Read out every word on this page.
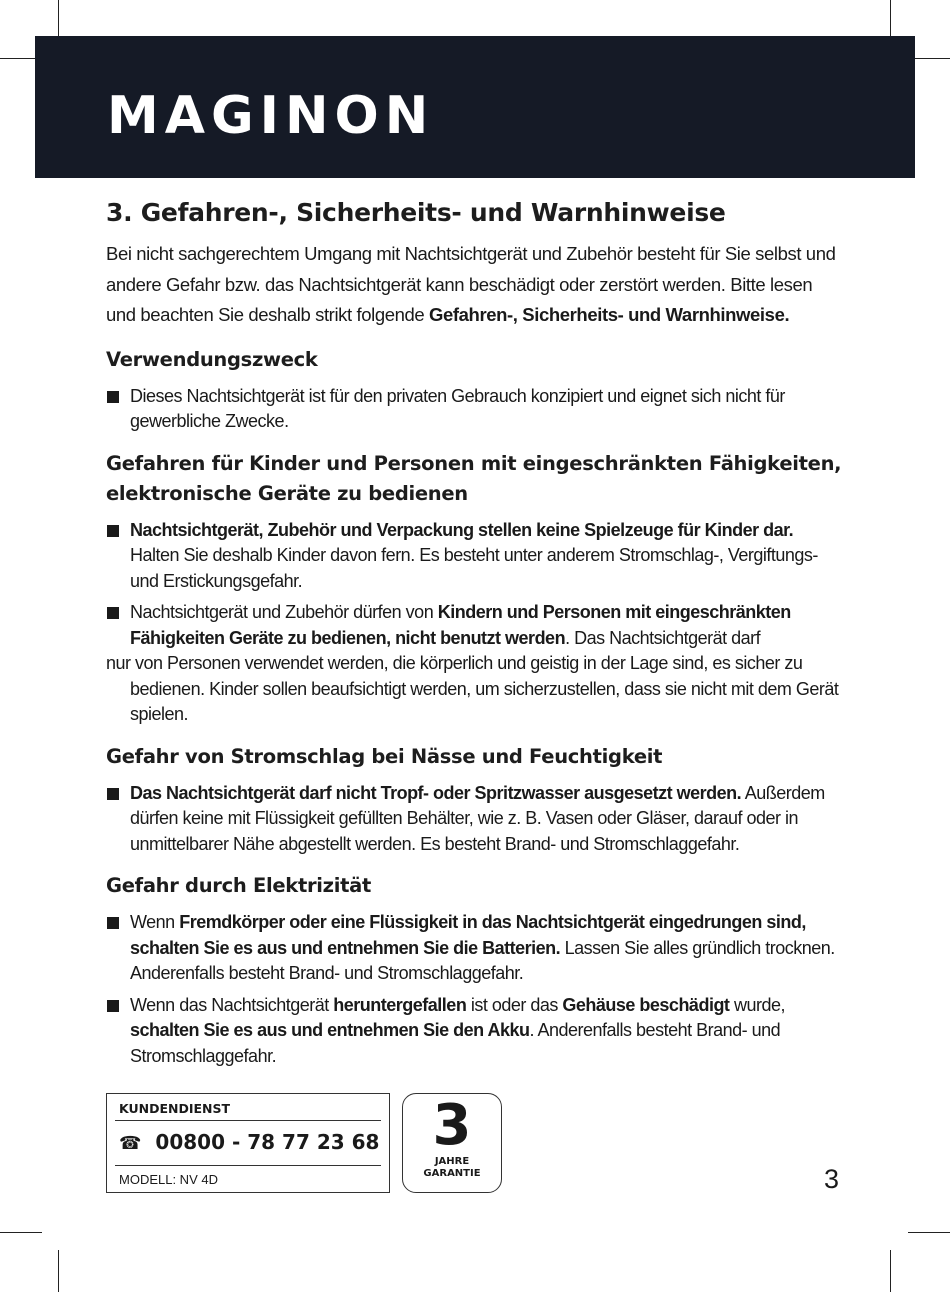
MAGINON
3. Gefahren-, Sicherheits- und Warnhinweise

Bei nicht sachgerechtem Umgang mit Nachtsichtgerät und Zubehör besteht für Sie selbst und andere Gefahr bzw. das Nachtsichtgerät kann beschädigt oder zerstört werden. Bitte lesen und beachten Sie deshalb strikt folgende Gefahren-, Sicherheits- und Warnhinweise.

Verwendungszweck
Dieses Nachtsichtgerät ist für den privaten Gebrauch konzipiert und eignet sich nicht für gewerbliche Zwecke.
Gefahren für Kinder und Personen mit eingeschränkten Fähigkeiten, elektronische Geräte zu bedienen
Nachtsichtgerät, Zubehör und Verpackung stellen keine Spielzeuge für Kinder dar. Halten Sie deshalb Kinder davon fern. Es besteht unter anderem Stromschlag-, Vergiftungs- und Erstickungsgefahr.
Nachtsichtgerät und Zubehör dürfen von Kindern und Personen mit eingeschränkten Fähigkeiten Geräte zu bedienen, nicht benutzt werden. Das Nachtsichtgerät darf
nur von Personen verwendet werden, die körperlich und geistig in der Lage sind, es sicher zu
bedienen. Kinder sollen beaufsichtigt werden, um sicherzustellen, dass sie nicht mit dem Gerät spielen.
Gefahr von Stromschlag bei Nässe und Feuchtigkeit
Das Nachtsichtgerät darf nicht Tropf- oder Spritzwasser ausgesetzt werden. Außerdem dürfen keine mit Flüssigkeit gefüllten Behälter, wie z. B. Vasen oder Gläser, darauf oder in unmittelbarer Nähe abgestellt werden. Es besteht Brand- und Stromschlaggefahr.
Gefahr durch Elektrizität
Wenn Fremdkörper oder eine Flüssigkeit in das Nachtsichtgerät eingedrungen sind, schalten Sie es aus und entnehmen Sie die Batterien. Lassen Sie alles gründlich trocknen. Anderenfalls besteht Brand- und Stromschlaggefahr.
Wenn das Nachtsichtgerät heruntergefallen ist oder das Gehäuse beschädigt wurde, schalten Sie es aus und entnehmen Sie den Akku. Anderenfalls besteht Brand- und Stromschlaggefahr.
KUNDENDIENST
☎ 00800 - 78 77 23 68
MODELL: NV 4D
3
JAHRE
GARANTIE	3
